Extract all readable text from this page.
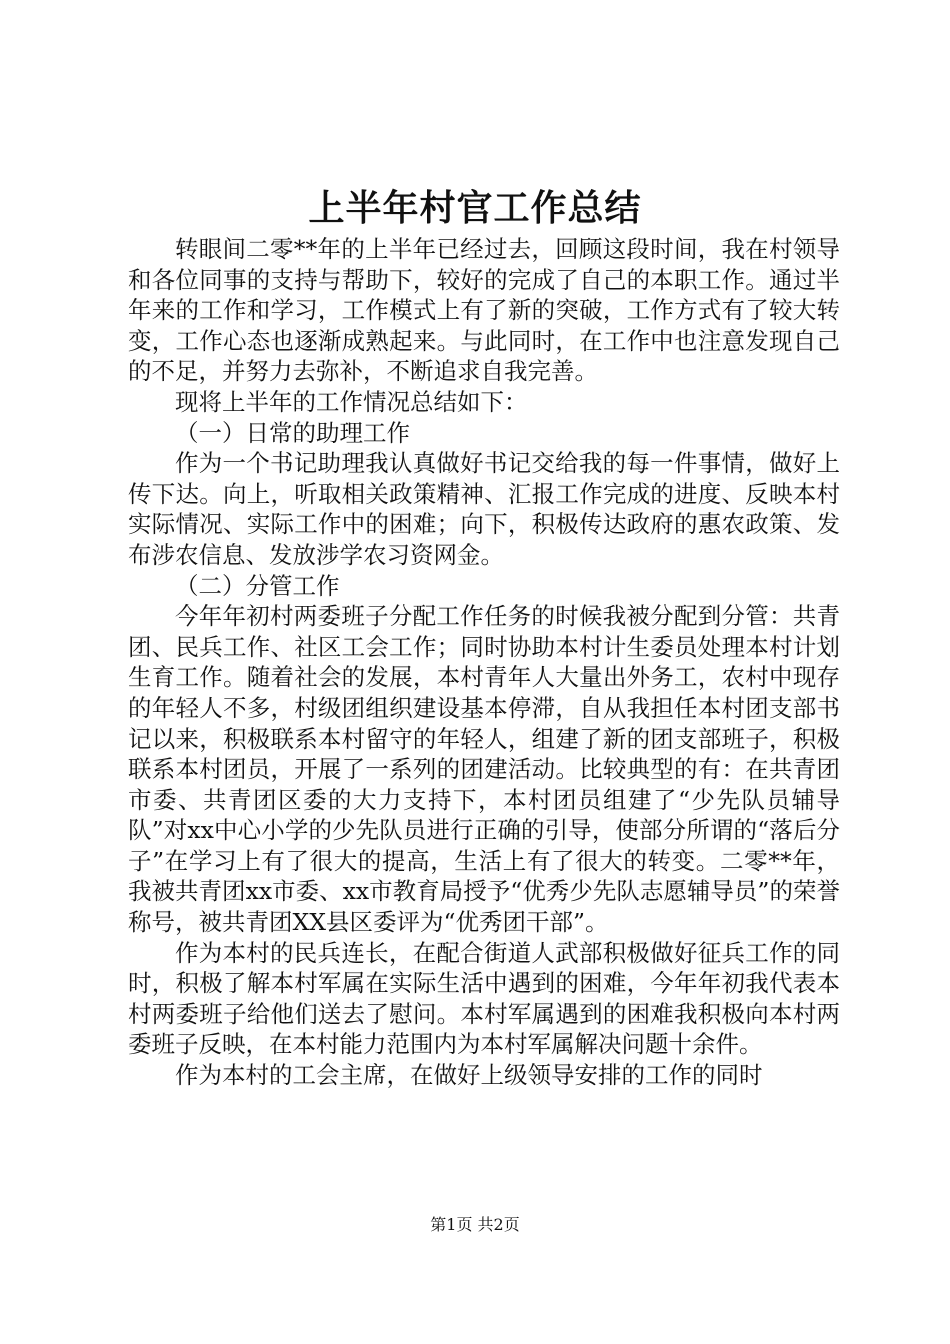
上半年村官工作总结

转眼间二零**年的上半年已经过去，回顾这段时间，我在村领导和各位同事的支持与帮助下，较好的完成了自己的本职工作。通过半年来的工作和学习，工作模式上有了新的突破，工作方式有了较大转变，工作心态也逐渐成熟起来。与此同时，在工作中也注意发现自己的不足，并努力去弥补，不断追求自我完善。

现将上半年的工作情况总结如下：

（一）日常的助理工作

作为一个书记助理我认真做好书记交给我的每一件事情，做好上传下达。向上，听取相关政策精神、汇报工作完成的进度、反映本村实际情况、实际工作中的困难；向下，积极传达政府的惠农政策、发布涉农信息、发放涉学农习资网金。

（二）分管工作

今年年初村两委班子分配工作任务的时候我被分配到分管：共青团、民兵工作、社区工会工作；同时协助本村计生委员处理本村计划生育工作。随着社会的发展，本村青年人大量出外务工，农村中现存的年轻人不多，村级团组织建设基本停滞，自从我担任本村团支部书记以来，积极联系本村留守的年轻人，组建了新的团支部班子，积极联系本村团员，开展了一系列的团建活动。比较典型的有：在共青团市委、共青团区委的大力支持下，本村团员组建了“少先队员辅导队”对xx中心小学的少先队员进行正确的引导，使部分所谓的“落后分子”在学习上有了很大的提高，生活上有了很大的转变。二零**年，我被共青团xx市委、xx市教育局授予“优秀少先队志愿辅导员”的荣誉称号，被共青团XX县区委评为“优秀团干部”。

作为本村的民兵连长，在配合街道人武部积极做好征兵工作的同时，积极了解本村军属在实际生活中遇到的困难，今年年初我代表本村两委班子给他们送去了慰问。本村军属遇到的困难我积极向本村两委班子反映，在本村能力范围内为本村军属解决问题十余件。

作为本村的工会主席，在做好上级领导安排的工作的同时

第1页 共2页
